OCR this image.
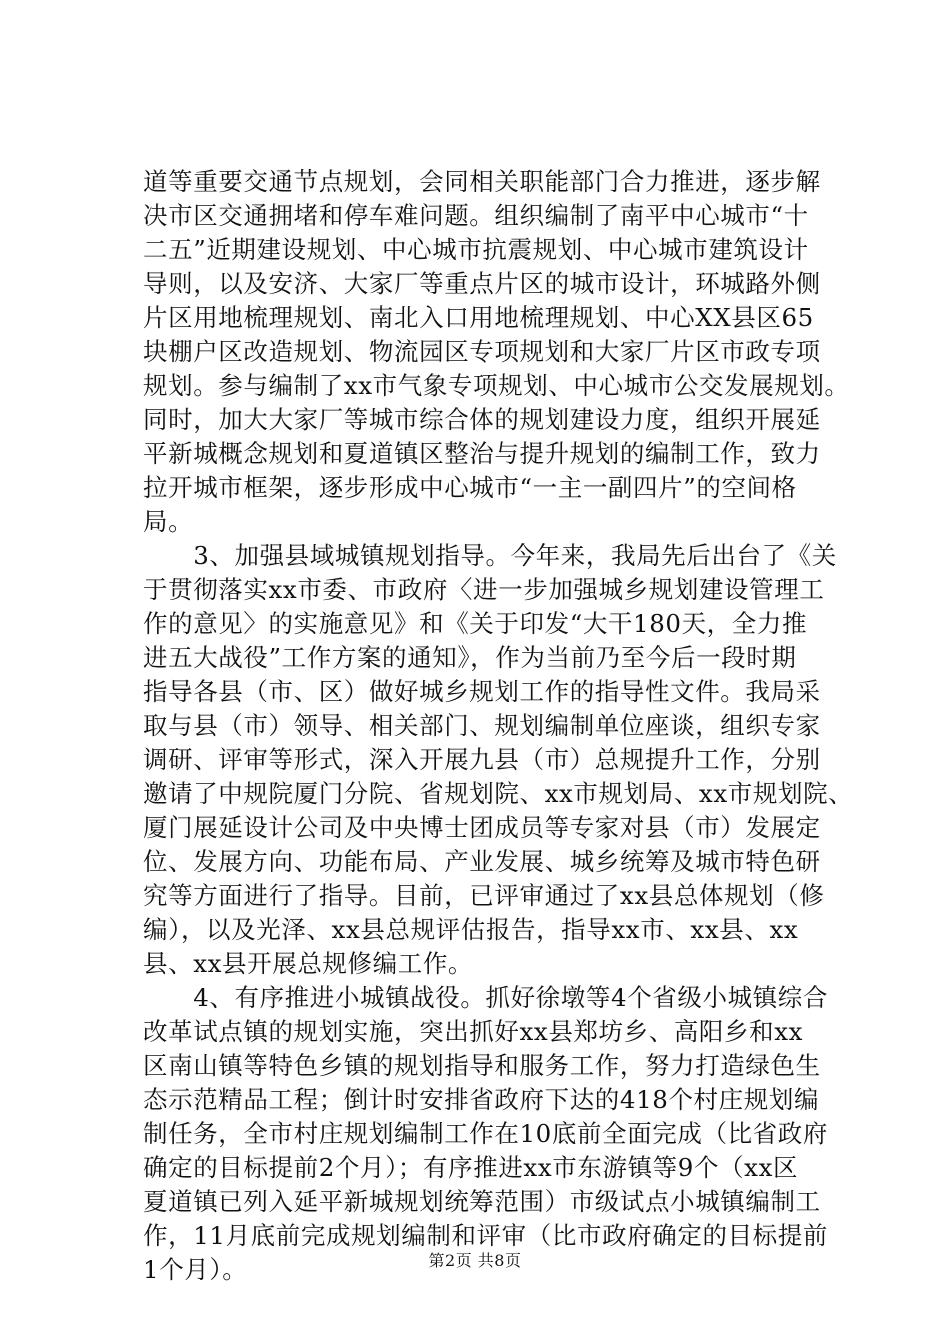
道等重要交通节点规划，会同相关职能部门合力推进，逐步解
决市区交通拥堵和停车难问题。组织编制了南平中心城市“十
二五”近期建设规划、中心城市抗震规划、中心城市建筑设计
导则，以及安济、大家厂等重点片区的城市设计，环城路外侧
片区用地梳理规划、南北入口用地梳理规划、中心XX县区65
块棚户区改造规划、物流园区专项规划和大家厂片区市政专项
规划。参与编制了xx市气象专项规划、中心城市公交发展规划。
同时，加大大家厂等城市综合体的规划建设力度，组织开展延
平新城概念规划和夏道镇区整治与提升规划的编制工作，致力
拉开城市框架，逐步形成中心城市“一主一副四片”的空间格
局。
　　3、加强县域城镇规划指导。今年来，我局先后出台了《关
于贯彻落实xx市委、市政府〈进一步加强城乡规划建设管理工
作的意见〉的实施意见》和《关于印发“大干180天，全力推
进五大战役”工作方案的通知》，作为当前乃至今后一段时期
指导各县（市、区）做好城乡规划工作的指导性文件。我局采
取与县（市）领导、相关部门、规划编制单位座谈，组织专家
调研、评审等形式，深入开展九县（市）总规提升工作，分别
邀请了中规院厦门分院、省规划院、xx市规划局、xx市规划院、
厦门展延设计公司及中央博士团成员等专家对县（市）发展定
位、发展方向、功能布局、产业发展、城乡统筹及城市特色研
究等方面进行了指导。目前，已评审通过了xx县总体规划（修
编），以及光泽、xx县总规评估报告，指导xx市、xx县、xx
县、xx县开展总规修编工作。
　　4、有序推进小城镇战役。抓好徐墩等4个省级小城镇综合
改革试点镇的规划实施，突出抓好xx县郑坊乡、高阳乡和xx
区南山镇等特色乡镇的规划指导和服务工作，努力打造绿色生
态示范精品工程；倒计时安排省政府下达的418个村庄规划编
制任务，全市村庄规划编制工作在10底前全面完成（比省政府
确定的目标提前2个月）；有序推进xx市东游镇等9个（xx区
夏道镇已列入延平新城规划统筹范围）市级试点小城镇编制工
作，11月底前完成规划编制和评审（比市政府确定的目标提前
1个月）。	第2页 共8页
